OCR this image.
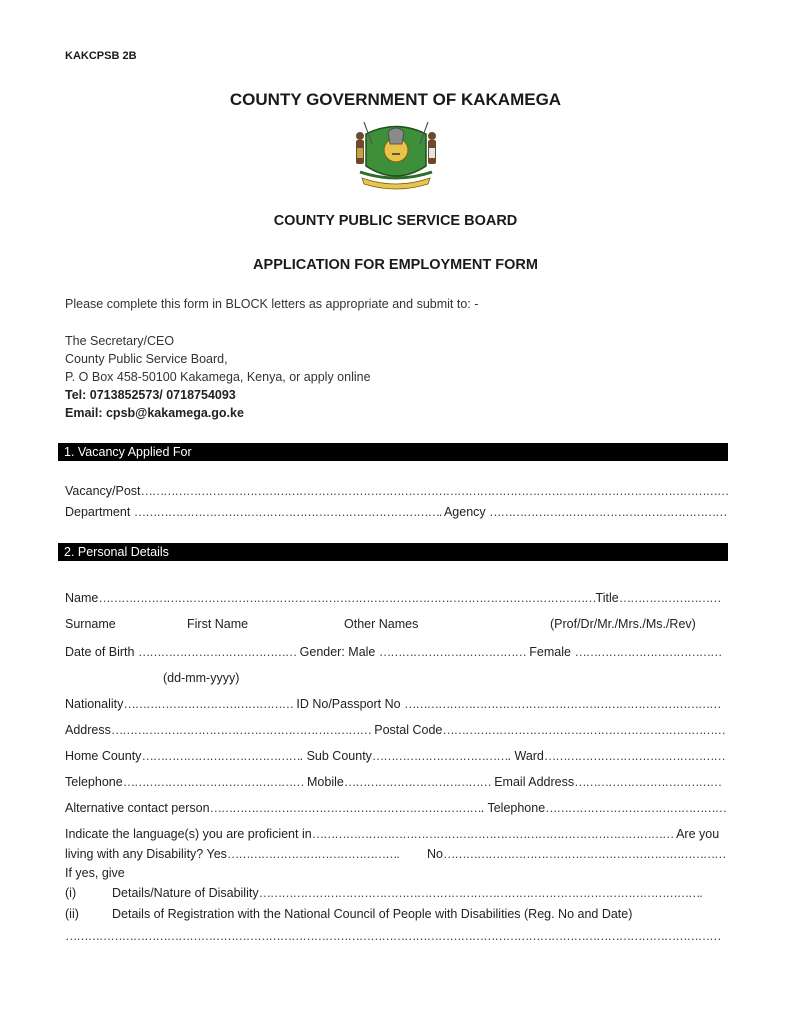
KAKCPSB 2B
COUNTY GOVERNMENT OF KAKAMEGA
COUNTY PUBLIC SERVICE BOARD
APPLICATION FOR EMPLOYMENT FORM
Please complete this form in BLOCK letters as appropriate and submit to: -
The Secretary/CEO
County Public Service Board,
P. O Box 458-50100 Kakamega, Kenya, or apply online
Tel: 0713852573/ 0718754093
Email: cpsb@kakamega.go.ke
1. Vacancy Applied For
Vacancy/Post…………………………………………………………………………………………………………………………………………
Department ………………………………………………………………………. Agency ………………………………………………………
2. Personal Details
Name……………………………………………………………………………………………………………………Title………………………
Surname	First Name	Other Names	(Prof/Dr/Mr./Mrs./Ms./Rev)
Date of Birth …………………………………… Gender: Male ………………………………… Female …………………………………
(dd-mm-yyyy)
Nationality……………………………………… ID No/Passport No …………………………………………………………………………
Address…………………………………………………………… Postal Code…………………………………………………………………
Home County……………………………………. Sub County………………………………. Ward…………………………………………
Telephone………………………………………… Mobile………………………………… Email Address…………………………………
Alternative contact person………………………………………………………………. Telephone…………………………………………
Indicate the language(s) you are proficient in…………………………………………………………………………………… Are you
living with any Disability? Yes………………………………………. No…………………………………………………………………
If yes, give
(i)	Details/Nature of Disability……………………………………………………………………………………………………….
(ii)	Details of Registration with the National Council of People with Disabilities (Reg. No and Date)
…………………………………………………………………………………………………………………………………………………………
